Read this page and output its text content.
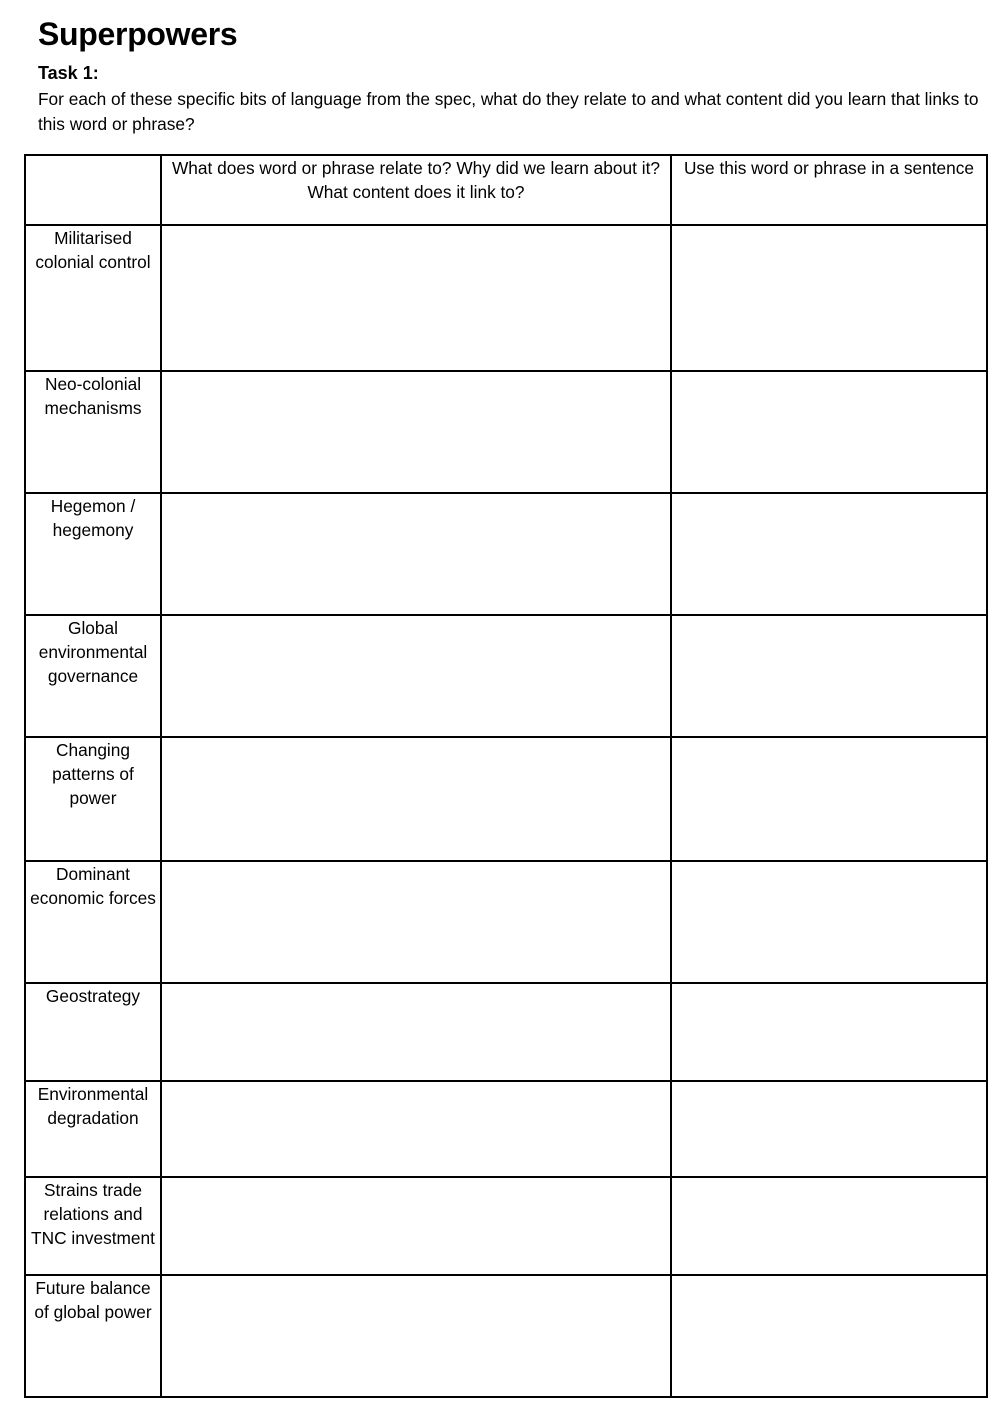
Superpowers
Task 1:

For each of these specific bits of language from the spec, what do they relate to and what content did you learn that links to this word or phrase?

	What does word or phrase relate to? Why did we learn about it? What content does it link to?	Use this word or phrase in a sentence

Militarised colonial control		

Neo-colonial mechanisms		

Hegemon / hegemony		

Global environmental governance		

Changing patterns of power		

Dominant economic forces		

Geostrategy		

Environmental degradation		

Strains trade relations and TNC investment		

Future balance of global power		
